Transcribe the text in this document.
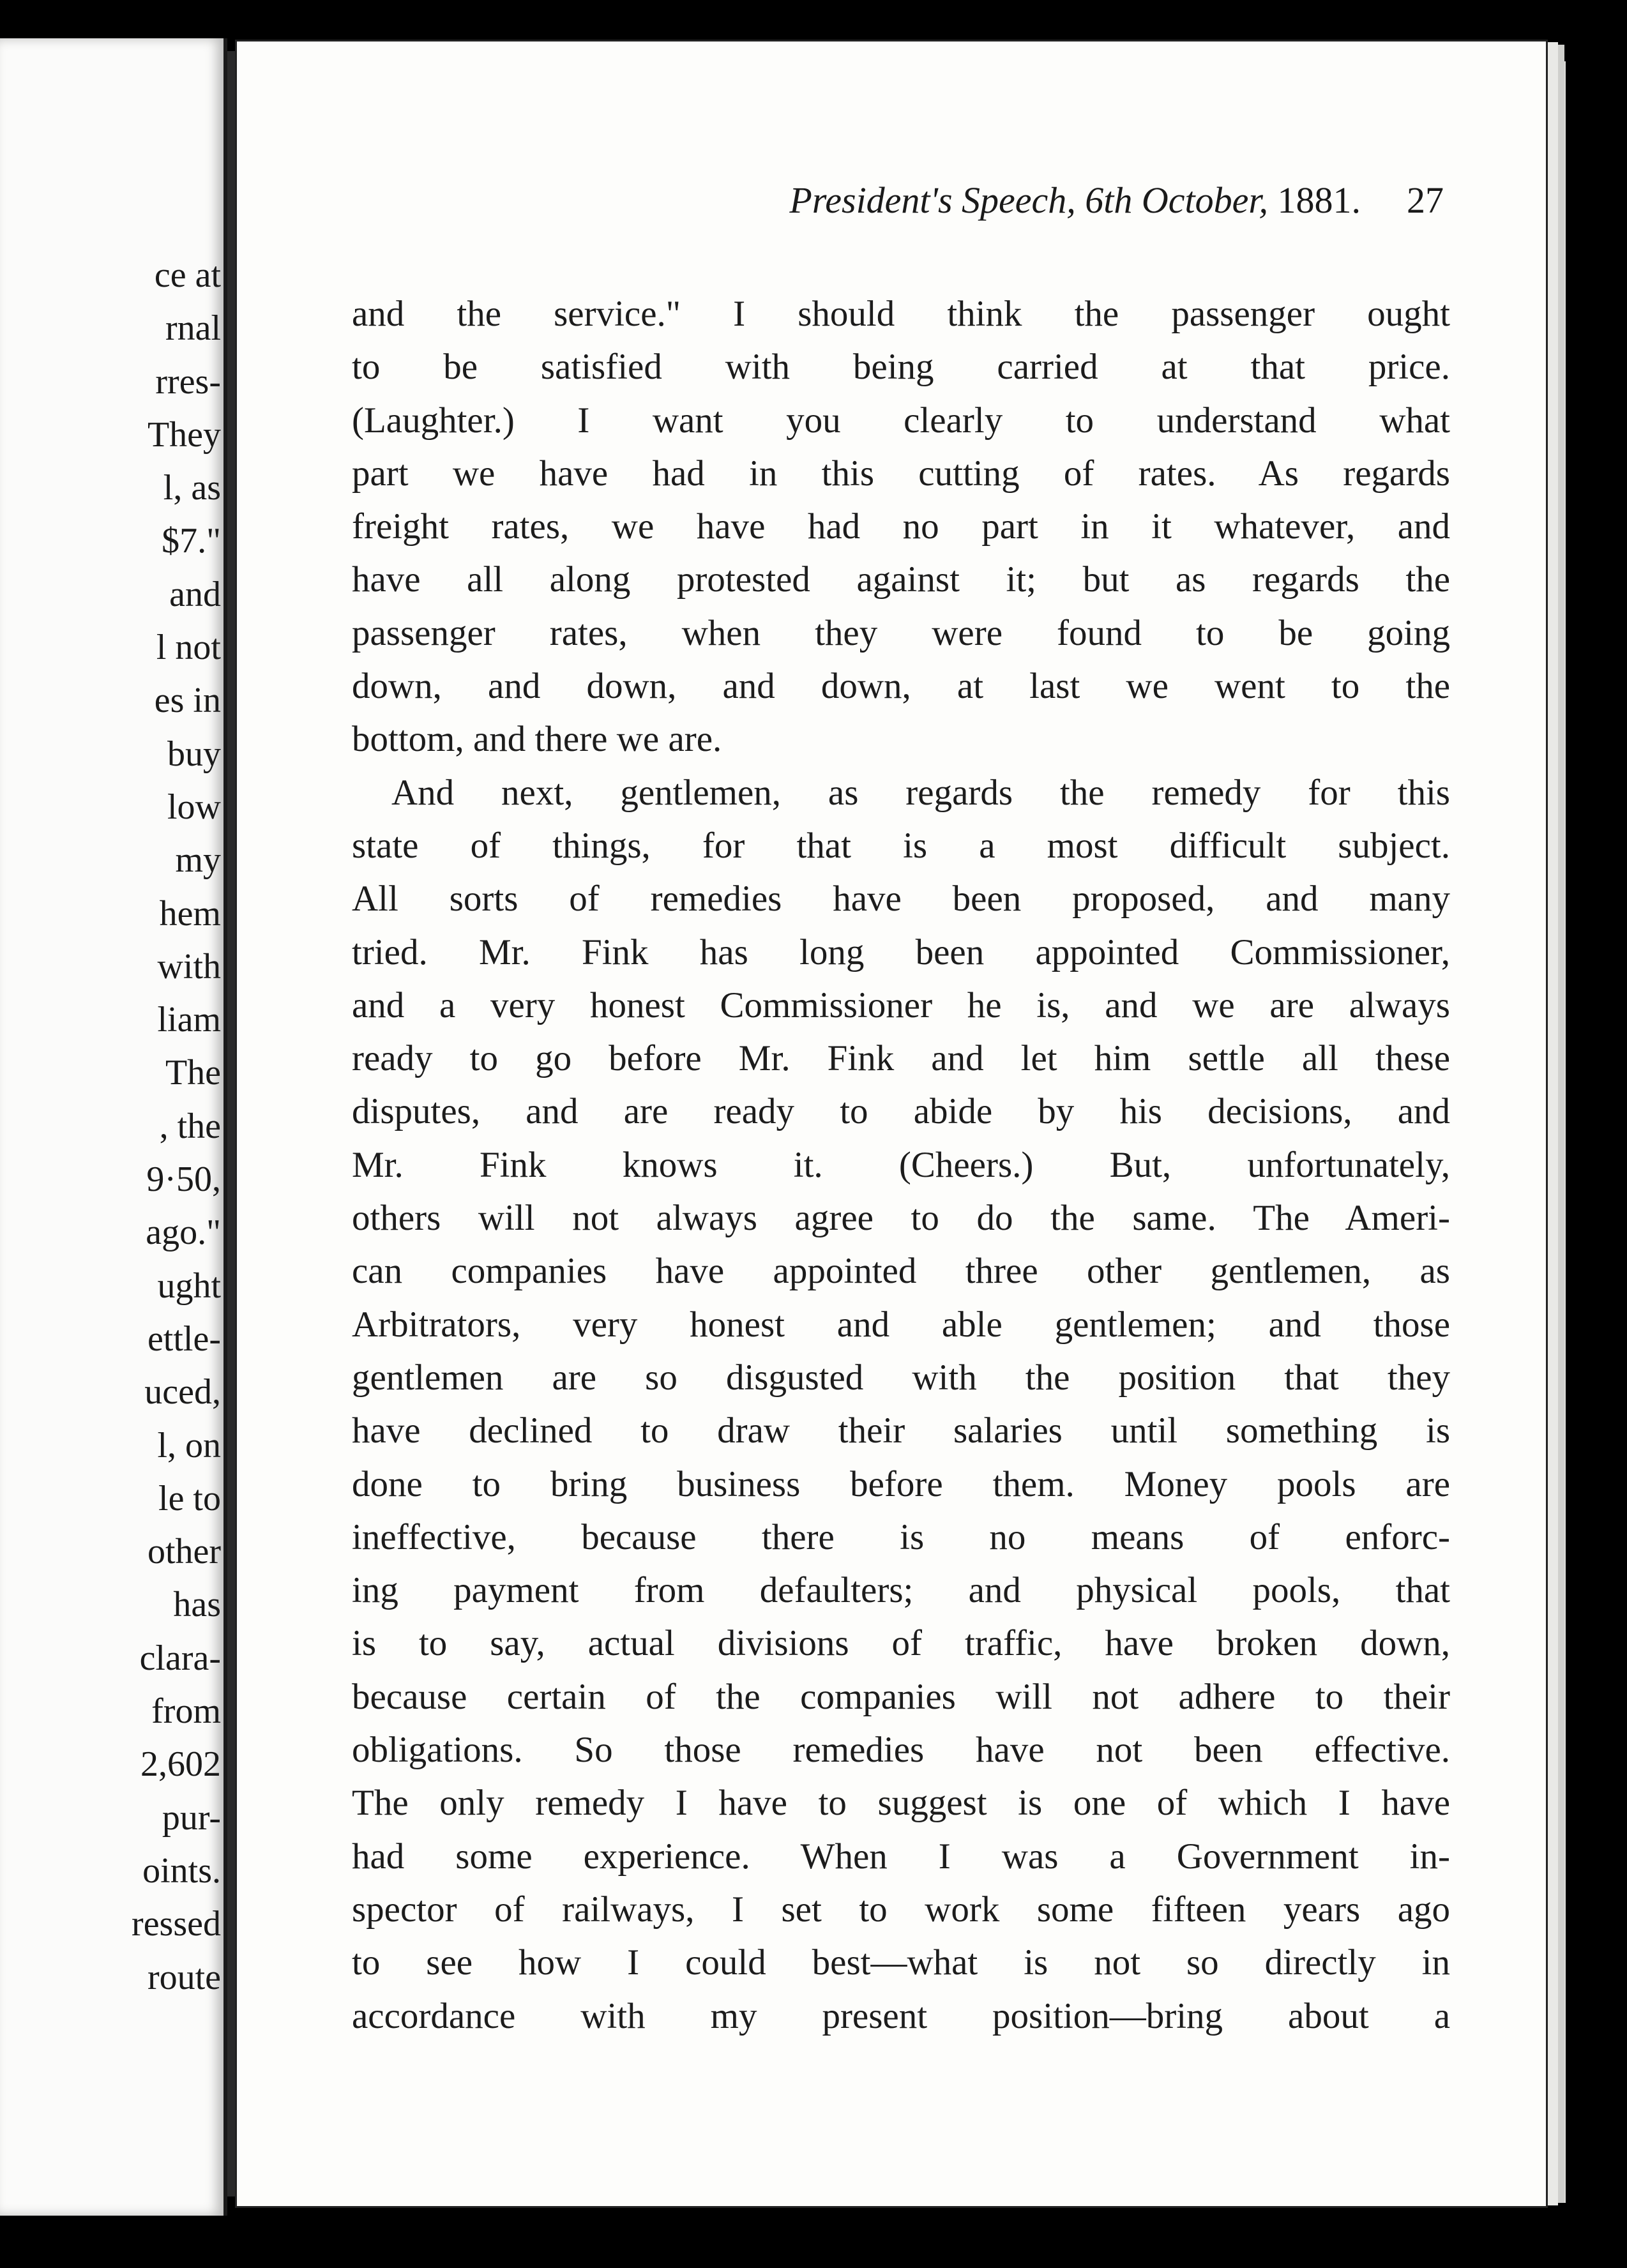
ce at
rnal
rres-
They
l, as
$7."
and
l not
es in
buy
low
my
hem
with
liam
The
, the
9·50,
ago."
ught
ettle-
uced,
l, on
le to
other
has
clara-
from
2,602
pur-
oints.
ressed
route
President's Speech, 6th October, 1881.	27
and the service." I should think the passenger ought
to be satisfied with being carried at that price.
(Laughter.) I want you clearly to understand what
part we have had in this cutting of rates. As regards
freight rates, we have had no part in it whatever, and
have all along protested against it; but as regards the
passenger rates, when they were found to be going
down, and down, and down, at last we went to the
bottom, and there we are.
And next, gentlemen, as regards the remedy for this
state of things, for that is a most difficult subject.
All sorts of remedies have been proposed, and many
tried. Mr. Fink has long been appointed Commissioner,
and a very honest Commissioner he is, and we are always
ready to go before Mr. Fink and let him settle all these
disputes, and are ready to abide by his decisions, and
Mr. Fink knows it. (Cheers.) But, unfortunately,
others will not always agree to do the same. The Ameri-
can companies have appointed three other gentlemen, as
Arbitrators, very honest and able gentlemen; and those
gentlemen are so disgusted with the position that they
have declined to draw their salaries until something is
done to bring business before them. Money pools are
ineffective, because there is no means of enforc-
ing payment from defaulters; and physical pools, that
is to say, actual divisions of traffic, have broken down,
because certain of the companies will not adhere to their
obligations. So those remedies have not been effective.
The only remedy I have to suggest is one of which I have
had some experience. When I was a Government in-
spector of railways, I set to work some fifteen years ago
to see how I could best—what is not so directly in
accordance with my present position—bring about a
